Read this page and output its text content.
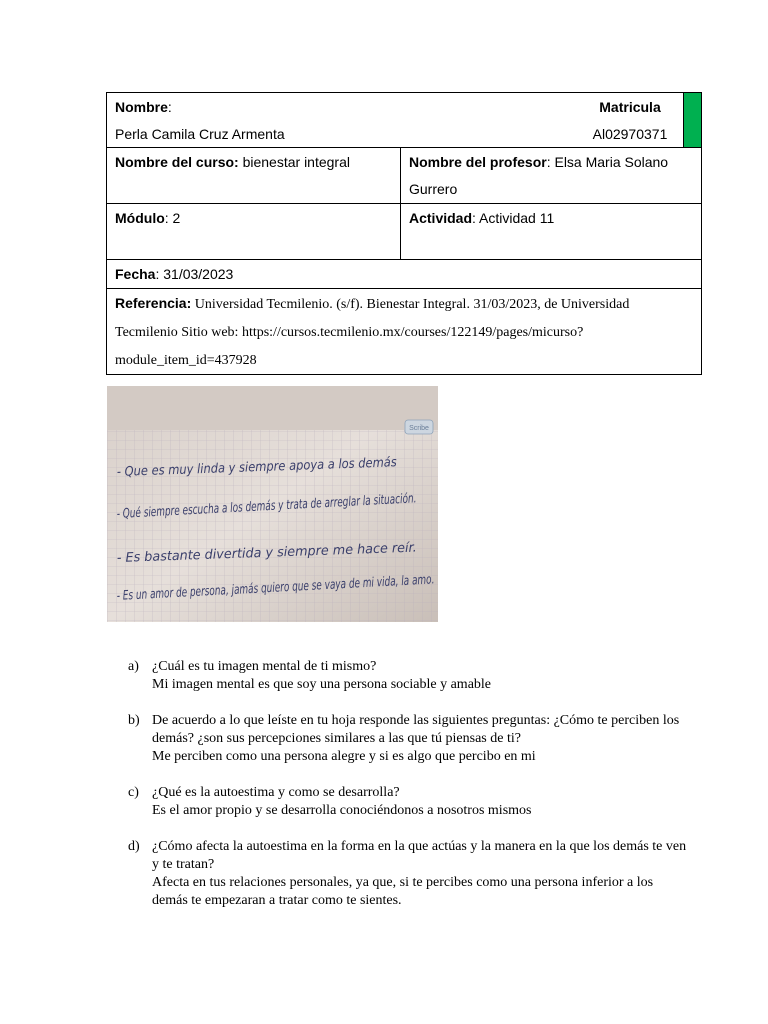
Nombre:
Perla Camila Cruz Armenta
Matricula
Al02970371	

Nombre del curso: bienestar integral	Nombre del profesor: Elsa Maria Solano Gurrero

Módulo: 2	Actividad: Actividad 11

Fecha: 31/03/2023	

Referencia: Universidad Tecmilenio. (s/f). Bienestar Integral. 31/03/2023, de Universidad Tecmilenio Sitio web: https://cursos.tecmilenio.mx/courses/122149/pages/micurso?module_item_id=437928	
Scribe
- Que es muy linda y siempre apoya a los demás
- Qué siempre escucha a los demás y trata de arreglar la situación.
- Es bastante divertida y siempre me hace reír.
- Es un amor de persona, jamás quiero que se vaya de mi vida, la amo.
a) ¿Cuál es tu imagen mental de ti mismo?
Mi imagen mental es que soy una persona sociable y amable
b) De acuerdo a lo que leíste en tu hoja responde las siguientes preguntas: ¿Cómo te perciben los demás? ¿son sus percepciones similares a las que tú piensas de ti?
Me perciben como una persona alegre y si es algo que percibo en mi
c) ¿Qué es la autoestima y como se desarrolla?
Es el amor propio y se desarrolla conociéndonos a nosotros mismos
d) ¿Cómo afecta la autoestima en la forma en la que actúas y la manera en la que los demás te ven y te tratan?
Afecta en tus relaciones personales, ya que, si te percibes como una persona inferior a los demás te empezaran a tratar como te sientes.
